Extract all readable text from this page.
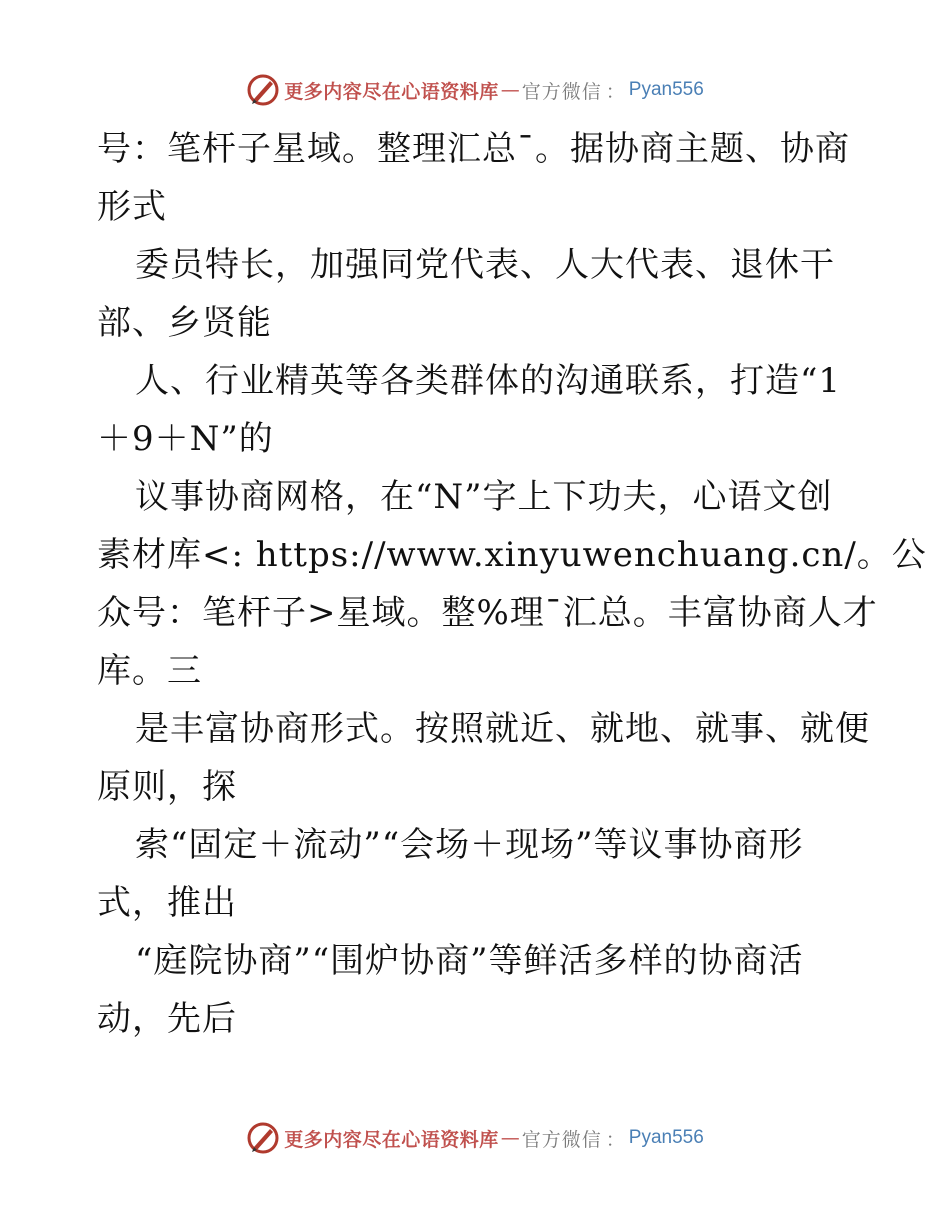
更多内容尽在心语资料库 — 官方微信 ： Pyan556
号：笔杆子星域。整理汇总¯。据协商主题、协商
形式
委员特长，加强同党代表、人大代表、退休干
部、乡贤能
人、行业精英等各类群体的沟通联系，打造“1
＋9＋N”的
议事协商网格，在“N”字上下功夫，心语文创
素材库<: https://www.xinyuwenchuang.cn/。公
众号：笔杆子>星域。整%理¯汇总。丰富协商人才
库。三
是丰富协商形式。按照就近、就地、就事、就便
原则，探
索“固定＋流动”“会场＋现场”等议事协商形
式，推出
“庭院协商”“围炉协商”等鲜活多样的协商活
动，先后
更多内容尽在心语资料库 — 官方微信 ： Pyan556
